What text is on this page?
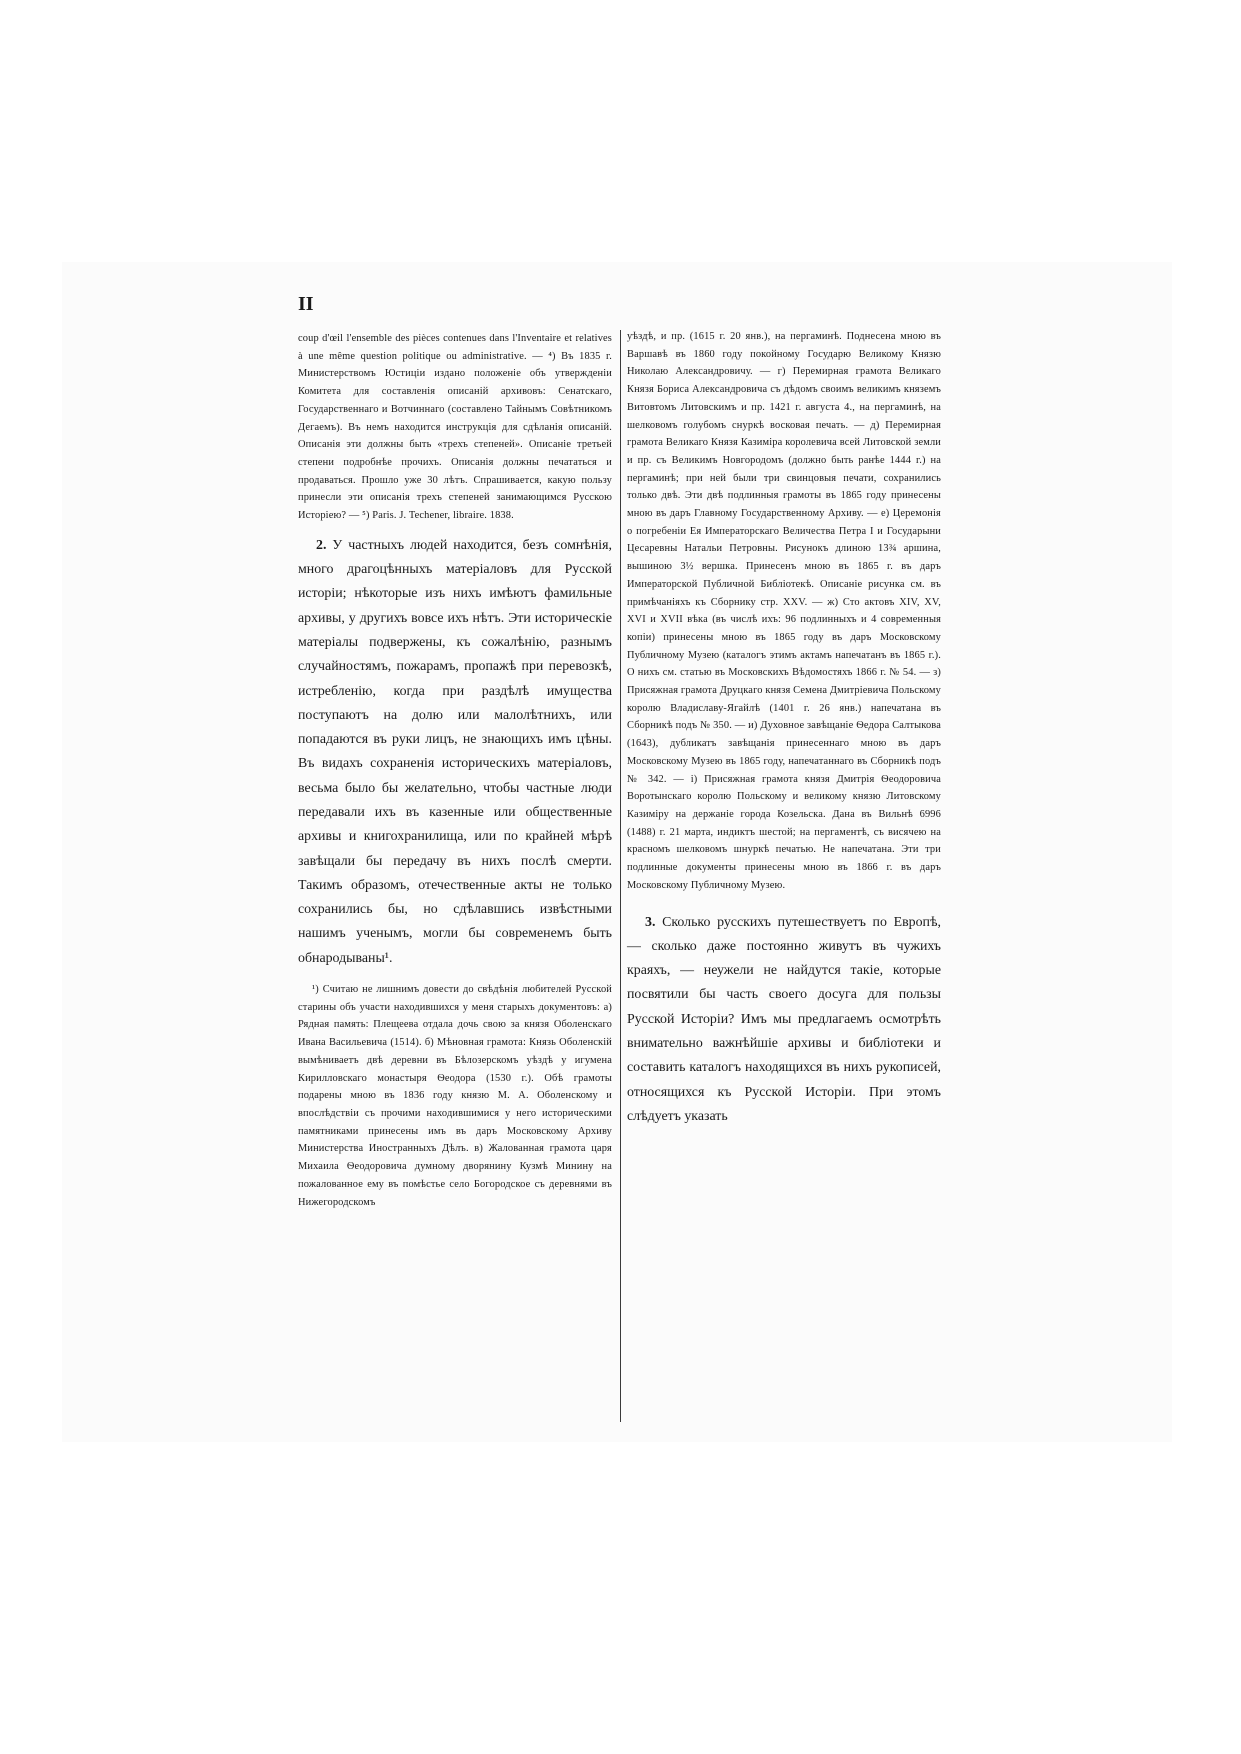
II

coup d'œil l'ensemble des pièces contenues dans l'Inventaire et relatives à une même question politique ou administrative. — ⁴) Въ 1835 г. Министерствомъ Юстиціи издано положеніе объ утвержденіи Комитета для составленія описаній архивовъ: Сенатскаго, Государственнаго и Вотчиннаго (составлено Тайнымъ Совѣтникомъ Дегаемъ). Въ немъ находится инструкція для сдѣланія описаній. Описанія эти должны быть «трехъ степеней». Описаніе третьей степени подробнѣе прочихъ. Описанія должны печататься и продаваться. Прошло уже 30 лѣтъ. Спрашивается, какую пользу принесли эти описанія трехъ степеней занимающимся Русскою Исторіею? — ⁵) Paris. J. Techener, libraire. 1838.

2. У частныхъ людей находится, безъ сомнѣнія, много драгоцѣнныхъ матеріаловъ для Русской исторіи; нѣкоторые изъ нихъ имѣютъ фамильные архивы, у другихъ вовсе ихъ нѣтъ. Эти историческіе матеріалы подвержены, къ сожалѣнію, разнымъ случайностямъ, пожарамъ, пропажѣ при перевозкѣ, истребленію, когда при раздѣлѣ имущества поступаютъ на долю или малолѣтнихъ, или попадаются въ руки лицъ, не знающихъ имъ цѣны. Въ видахъ сохраненія историческихъ матеріаловъ, весьма было бы желательно, чтобы частные люди передавали ихъ въ казенные или общественные архивы и книгохранилища, или по крайней мѣрѣ завѣщали бы передачу въ нихъ послѣ смерти. Такимъ образомъ, отечественные акты не только сохранились бы, но сдѣлавшись извѣстными нашимъ ученымъ, могли бы современемъ быть обнародываны¹.

¹) Считаю не лишнимъ довести до свѣдѣнія любителей Русской старины объ участи находившихся у меня старыхъ документовъ: а) Рядная память: Плещеева отдала дочь свою за князя Оболенскаго Ивана Васильевича (1514). б) Мѣновная грамота: Князь Оболенскій вымѣниваетъ двѣ деревни въ Бѣлозерскомъ уѣздѣ у игумена Кирилловскаго монастыря Ѳеодора (1530 г.). Обѣ грамоты подарены мною въ 1836 году князю М. А. Оболенскому и впослѣдствіи съ прочими находившимися у него историческими памятниками принесены имъ въ даръ Московскому Архиву Министерства Иностранныхъ Дѣлъ. в) Жалованная грамота царя Михаила Ѳеодоровича думному дворянину Кузмѣ Минину на пожалованное ему въ помѣстье село Богородское съ деревнями въ Нижегородскомъ

уѣздѣ, и пр. (1615 г. 20 янв.), на пергаминѣ. Поднесена мною въ Варшавѣ въ 1860 году покойному Государю Великому Князю Николаю Александровичу. — г) Перемирная грамота Великаго Князя Бориса Александровича съ дѣдомъ своимъ великимъ княземъ Витовтомъ Литовскимъ и пр. 1421 г. августа 4., на пергаминѣ, на шелковомъ голубомъ снуркѣ восковая печать. — д) Перемирная грамота Великаго Князя Казиміра королевича всей Литовской земли и пр. съ Великимъ Новгородомъ (должно быть ранѣе 1444 г.) на пергаминѣ; при ней были три свинцовыя печати, сохранились только двѣ. Эти двѣ подлинныя грамоты въ 1865 году принесены мною въ даръ Главному Государственному Архиву. — е) Церемонія о погребеніи Ея Императорскаго Величества Петра I и Государыни Цесаревны Натальи Петровны. Рисунокъ длиною 13¾ аршина, вышиною 3½ вершка. Принесенъ мною въ 1865 г. въ даръ Императорской Публичной Библіотекѣ. Описаніе рисунка см. въ примѣчаніяхъ къ Сборнику стр. XXV. — ж) Сто актовъ XIV, XV, XVI и XVII вѣка (въ числѣ ихъ: 96 подлинныхъ и 4 современныя копіи) принесены мною въ 1865 году въ даръ Московскому Публичному Музею (каталогъ этимъ актамъ напечатанъ въ 1865 г.). О нихъ см. статью въ Московскихъ Вѣдомостяхъ 1866 г. № 54. — з) Присяжная грамота Друцкаго князя Семена Дмитріевича Польскому королю Владиславу-Ягайлѣ (1401 г. 26 янв.) напечатана въ Сборникѣ подъ № 350. — и) Духовное завѣщаніе Ѳедора Салтыкова (1643), дубликатъ завѣщанія принесеннаго мною въ даръ Московскому Музею въ 1865 году, напечатаннаго въ Сборникѣ подъ № 342. — і) Присяжная грамота князя Дмитрія Ѳеодоровича Воротынскаго королю Польскому и великому князю Литовскому Казиміру на держаніе города Козельска. Дана въ Вильнѣ 6996 (1488) г. 21 марта, индиктъ шестой; на пергаментѣ, съ висячею на красномъ шелковомъ шнуркѣ печатью. Не напечатана. Эти три подлинные документы принесены мною въ 1866 г. въ даръ Московскому Публичному Музею.

3. Сколько русскихъ путешествуетъ по Европѣ, — сколько даже постоянно живутъ въ чужихъ краяхъ, — неужели не найдутся такіе, которые посвятили бы часть своего досуга для пользы Русской Исторіи? Имъ мы предлагаемъ осмотрѣть внимательно важнѣйшіе архивы и библіотеки и составить каталогъ находящихся въ нихъ рукописей, относящихся къ Русской Исторіи. При этомъ слѣдуетъ указать
